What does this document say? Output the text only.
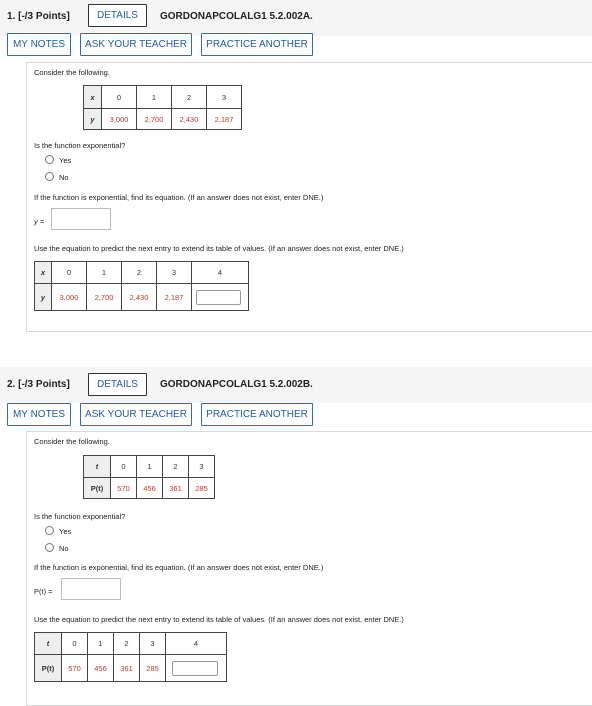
1. [-/3 Points]	DETAILS	GORDONAPCOLALG1 5.2.002A.
MY NOTES	ASK YOUR TEACHER	PRACTICE ANOTHER
Consider the following.
x	0	1	2	3
y	3,000	2,700	2,430	2,187
Is the function exponential?
Yes
No
If the function is exponential, find its equation. (If an answer does not exist, enter DNE.)
y =
Use the equation to predict the next entry to extend its table of values. (If an answer does not exist, enter DNE.)
x	0	1	2	3	4
y	3,000	2,700	2,430	2,187	
2. [-/3 Points]	DETAILS	GORDONAPCOLALG1 5.2.002B.
MY NOTES	ASK YOUR TEACHER	PRACTICE ANOTHER
Consider the following.
t	0	1	2	3
P(t)	570	456	361	285
Is the function exponential?
Yes
No
If the function is exponential, find its equation. (If an answer does not exist, enter DNE.)
P(t) =
Use the equation to predict the next entry to extend its table of values. (If an answer does not exist, enter DNE.)
t	0	1	2	3	4
P(t)	570	456	361	285	
